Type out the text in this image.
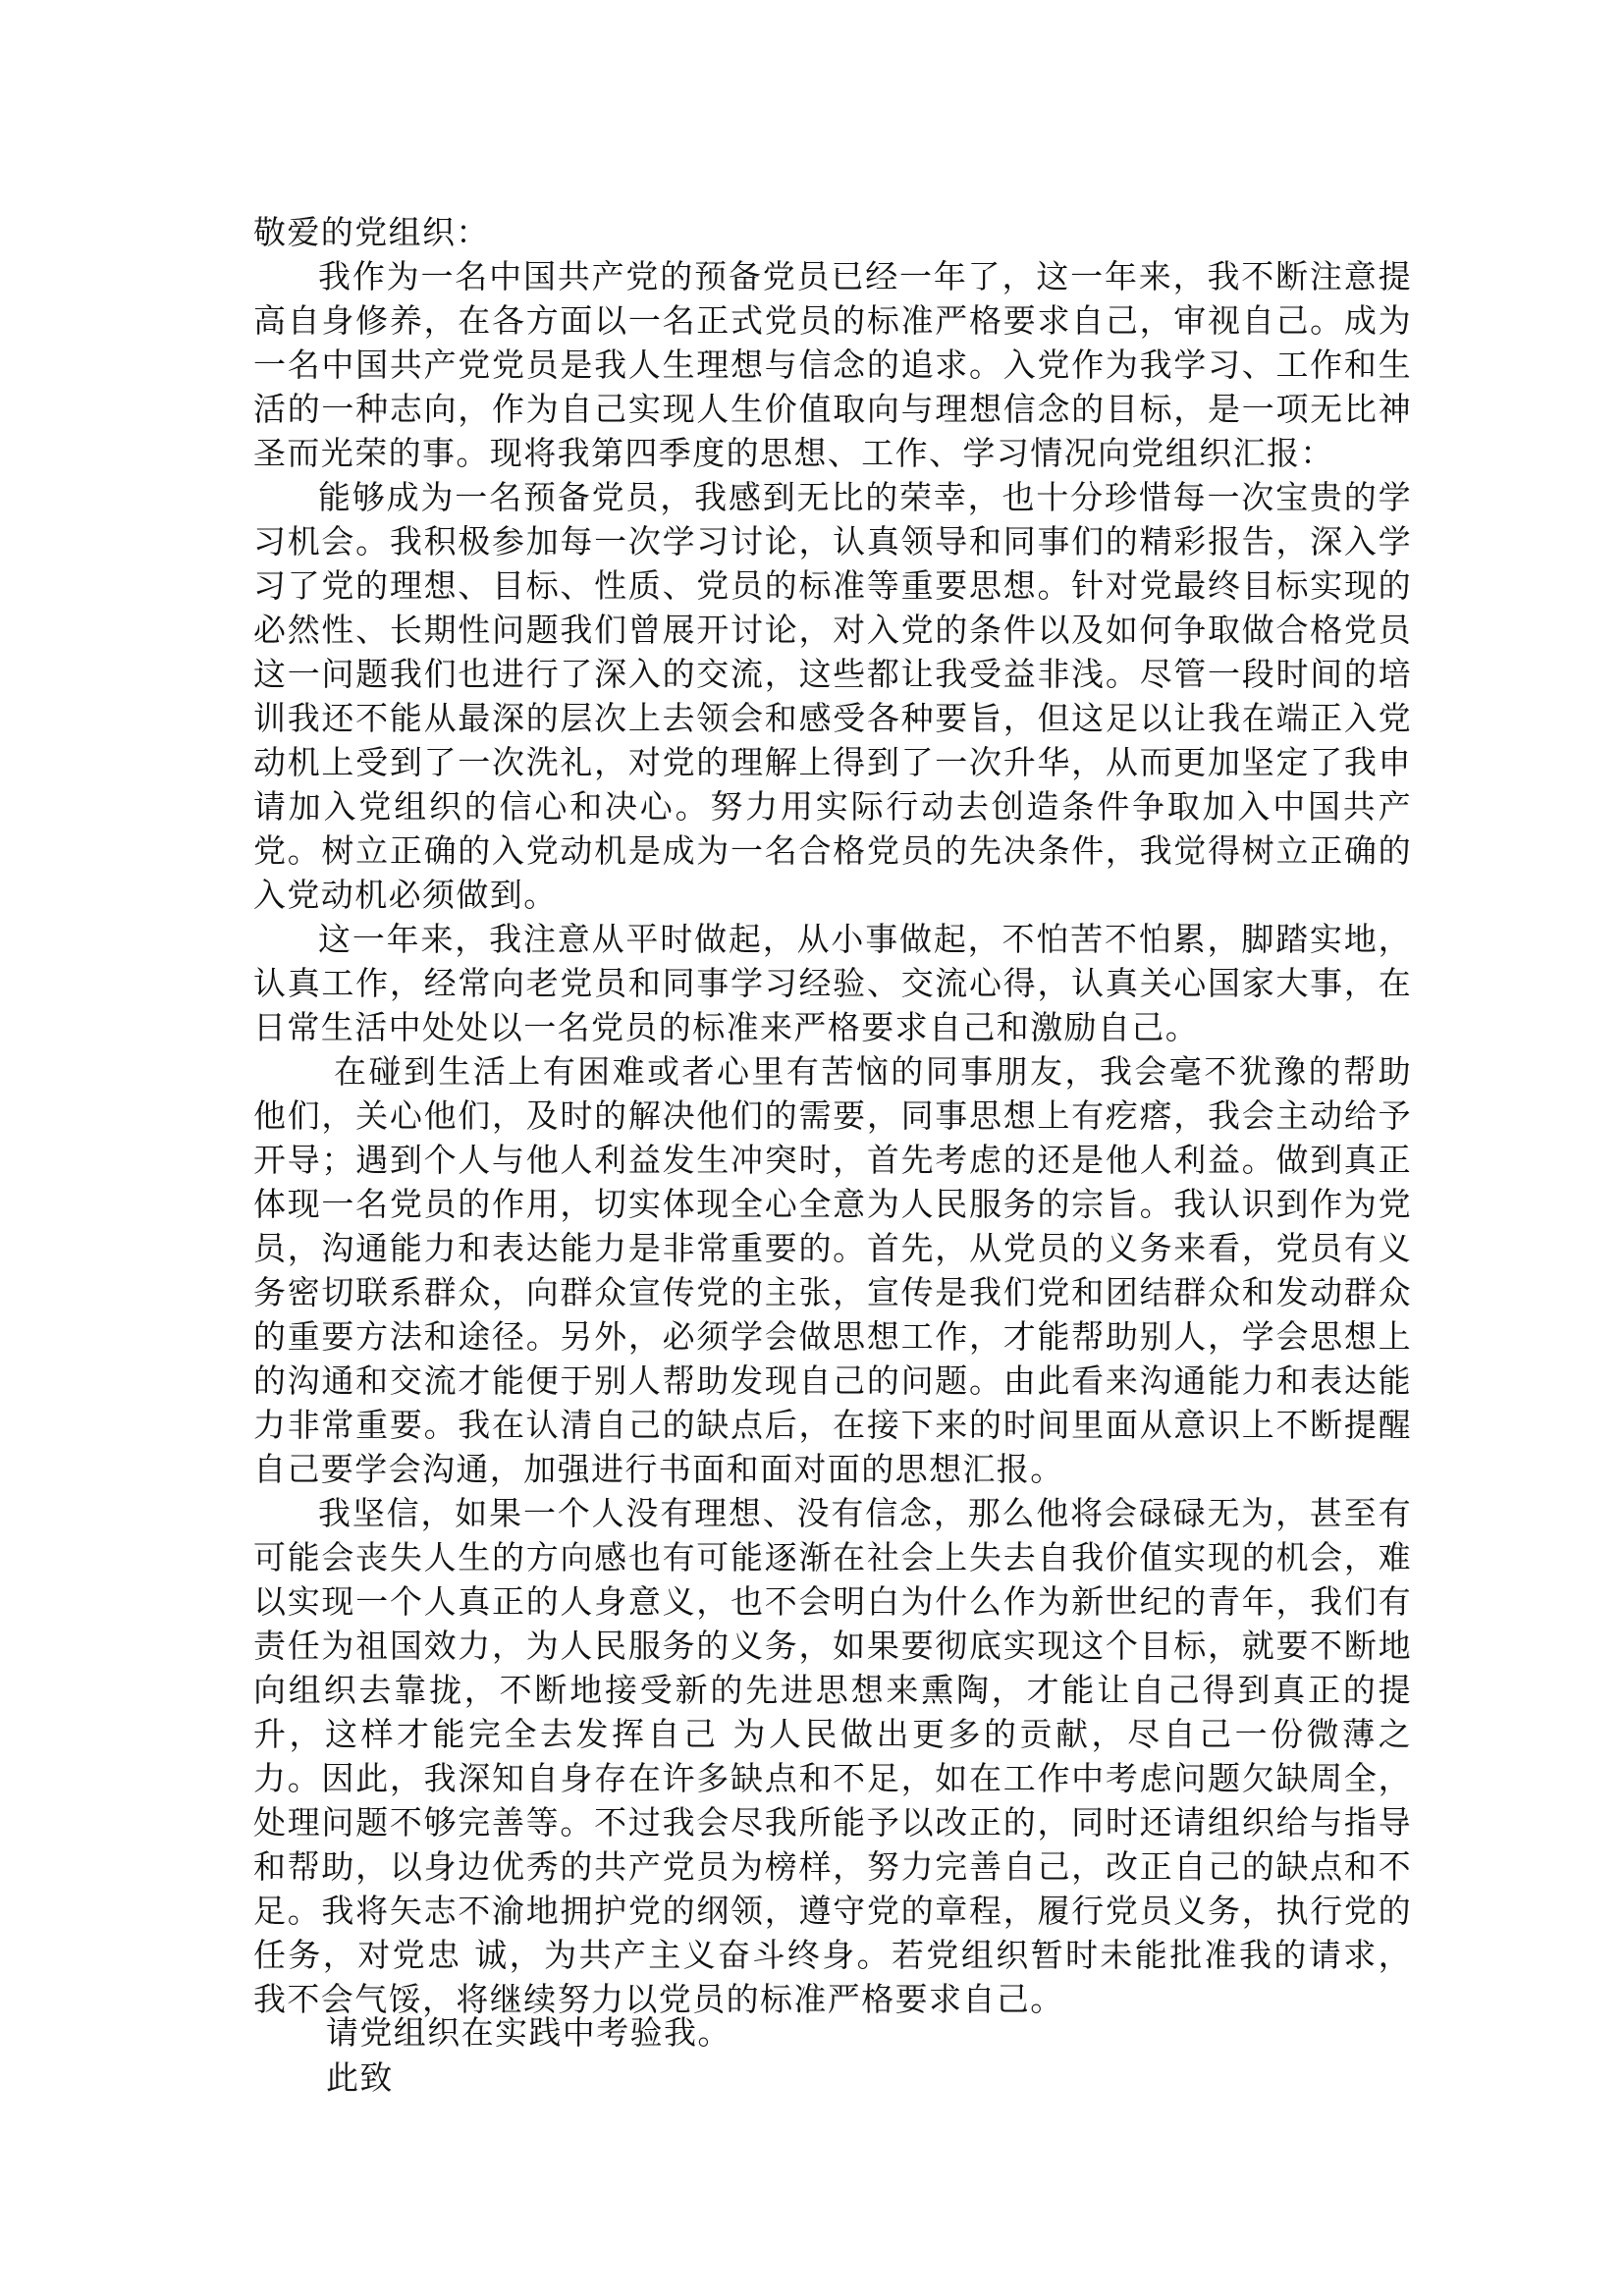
敬爱的党组织：

我作为一名中国共产党的预备党员已经一年了，这一年来，我不断注意提高自身修养，在各方面以一名正式党员的标准严格要求自己，审视自己。成为一名中国共产党党员是我人生理想与信念的追求。入党作为我学习、工作和生活的一种志向，作为自己实现人生价值取向与理想信念的目标，是一项无比神圣而光荣的事。现将我第四季度的思想、工作、学习情况向党组织汇报：

能够成为一名预备党员，我感到无比的荣幸，也十分珍惜每一次宝贵的学习机会。我积极参加每一次学习讨论，认真领导和同事们的精彩报告，深入学习了党的理想、目标、性质、党员的标准等重要思想。针对党最终目标实现的必然性、长期性问题我们曾展开讨论，对入党的条件以及如何争取做合格党员这一问题我们也进行了深入的交流，这些都让我受益非浅。尽管一段时间的培训我还不能从最深的层次上去领会和感受各种要旨，但这足以让我在端正入党动机上受到了一次洗礼，对党的理解上得到了一次升华，从而更加坚定了我申请加入党组织的信心和决心。努力用实际行动去创造条件争取加入中国共产党。树立正确的入党动机是成为一名合格党员的先决条件，我觉得树立正确的入党动机必须做到。

这一年来，我注意从平时做起，从小事做起，不怕苦不怕累，脚踏实地，认真工作，经常向老党员和同事学习经验、交流心得，认真关心国家大事，在日常生活中处处以一名党员的标准来严格要求自己和激励自己。

在碰到生活上有困难或者心里有苦恼的同事朋友，我会毫不犹豫的帮助他们，关心他们，及时的解决他们的需要，同事思想上有疙瘩，我会主动给予开导；遇到个人与他人利益发生冲突时，首先考虑的还是他人利益。做到真正体现一名党员的作用，切实体现全心全意为人民服务的宗旨。我认识到作为党员，沟通能力和表达能力是非常重要的。首先，从党员的义务来看，党员有义务密切联系群众，向群众宣传党的主张，宣传是我们党和团结群众和发动群众的重要方法和途径。另外，必须学会做思想工作，才能帮助别人，学会思想上的沟通和交流才能便于别人帮助发现自己的问题。由此看来沟通能力和表达能力非常重要。我在认清自己的缺点后，在接下来的时间里面从意识上不断提醒自己要学会沟通，加强进行书面和面对面的思想汇报。

我坚信，如果一个人没有理想、没有信念，那么他将会碌碌无为，甚至有可能会丧失人生的方向感也有可能逐渐在社会上失去自我价值实现的机会，难以实现一个人真正的人身意义，也不会明白为什么作为新世纪的青年，我们有责任为祖国效力，为人民服务的义务，如果要彻底实现这个目标，就要不断地向组织去靠拢，不断地接受新的先进思想来熏陶，才能让自己得到真正的提升，这样才能完全去发挥自己 为人民做出更多的贡献，尽自己一份微薄之力。因此，我深知自身存在许多缺点和不足，如在工作中考虑问题欠缺周全，处理问题不够完善等。不过我会尽我所能予以改正的，同时还请组织给与指导和帮助，以身边优秀的共产党员为榜样，努力完善自己，改正自己的缺点和不足。我将矢志不渝地拥护党的纲领，遵守党的章程，履行党员义务，执行党的任务，对党忠 诚，为共产主义奋斗终身。若党组织暂时未能批准我的请求，我不会气馁，将继续努力以党员的标准严格要求自己。

请党组织在实践中考验我。

此致
